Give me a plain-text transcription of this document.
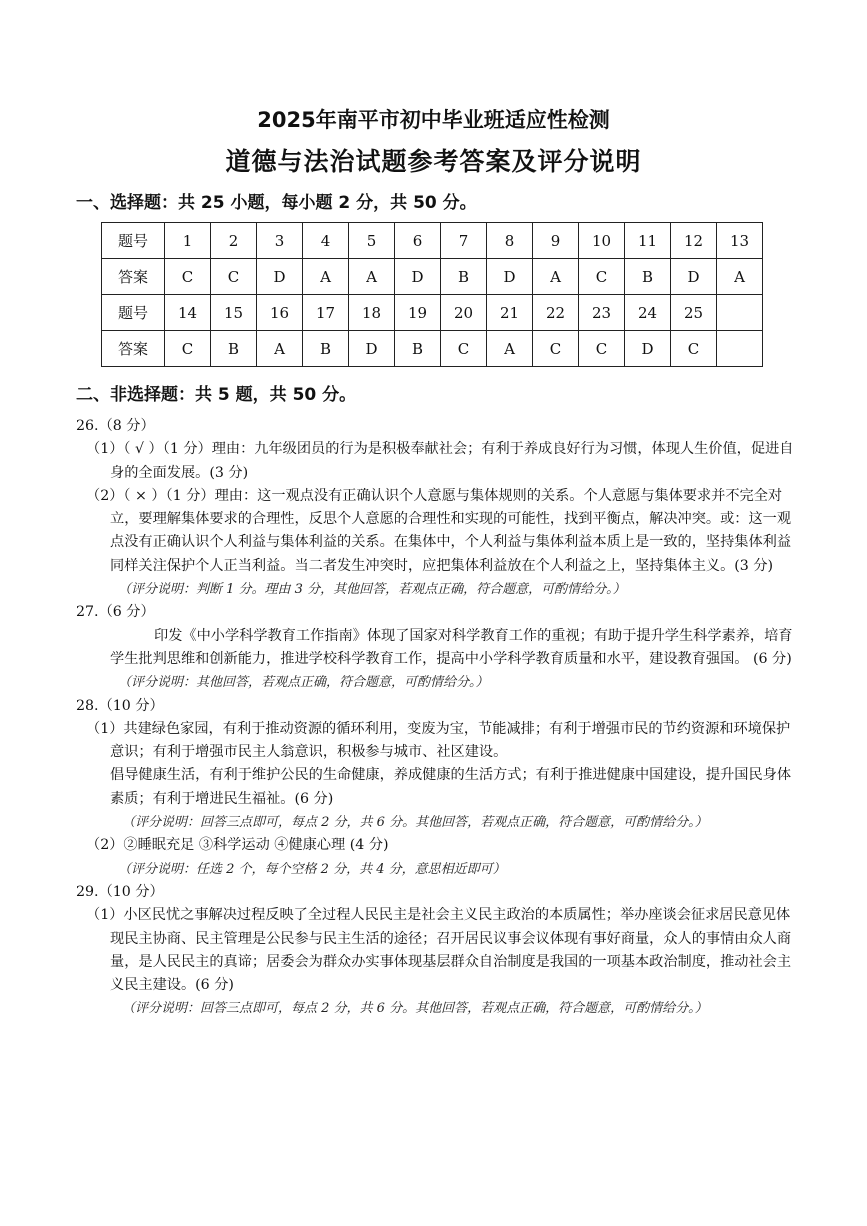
2025年南平市初中毕业班适应性检测
道德与法治试题参考答案及评分说明
一、选择题：共 25 小题，每小题 2 分，共 50 分。
题号	1	2	3	4	5	6	7	8	9	10	11	12	13
答案	C	C	D	A	A	D	B	D	A	C	B	D	A
题号	14	15	16	17	18	19	20	21	22	23	24	25	
答案	C	B	A	B	D	B	C	A	C	C	D	C	
二、非选择题：共 5 题，共 50 分。
26.（8 分）
（1）（ √ ）（1 分）理由：九年级团员的行为是积极奉献社会；有利于养成良好行为习惯，体现人生价值，促进自身的全面发展。(3 分)
（2）（ × ）（1 分）理由：这一观点没有正确认识个人意愿与集体规则的关系。个人意愿与集体要求并不完全对立，要理解集体要求的合理性，反思个人意愿的合理性和实现的可能性，找到平衡点，解决冲突。或：这一观点没有正确认识个人利益与集体利益的关系。在集体中，个人利益与集体利益本质上是一致的，坚持集体利益同样关注保护个人正当利益。当二者发生冲突时，应把集体利益放在个人利益之上，坚持集体主义。(3 分)
（评分说明：判断 1 分。理由 3 分，其他回答，若观点正确，符合题意，可酌情给分。）
27.（6 分）
印发《中小学科学教育工作指南》体现了国家对科学教育工作的重视；有助于提升学生科学素养，培育学生批判思维和创新能力，推进学校科学教育工作，提高中小学科学教育质量和水平，建设教育强国。 (6 分)
（评分说明：其他回答，若观点正确，符合题意，可酌情给分。）
28.（10 分）
（1）共建绿色家园，有利于推动资源的循环利用，变废为宝，节能减排；有利于增强市民的节约资源和环境保护意识；有利于增强市民主人翁意识，积极参与城市、社区建设。
倡导健康生活，有利于维护公民的生命健康，养成健康的生活方式；有利于推进健康中国建设，提升国民身体素质；有利于增进民生福祉。(6 分)
（评分说明：回答三点即可，每点 2 分，共 6 分。其他回答，若观点正确，符合题意，可酌情给分。）
（2）②睡眠充足 ③科学运动 ④健康心理 (4 分)
（评分说明：任选 2 个，每个空格 2 分，共 4 分，意思相近即可）
29.（10 分）
（1）小区民忧之事解决过程反映了全过程人民民主是社会主义民主政治的本质属性；举办座谈会征求居民意见体现民主协商、民主管理是公民参与民主生活的途径；召开居民议事会议体现有事好商量，众人的事情由众人商量，是人民民主的真谛；居委会为群众办实事体现基层群众自治制度是我国的一项基本政治制度，推动社会主义民主建设。(6 分)
（评分说明：回答三点即可，每点 2 分，共 6 分。其他回答，若观点正确，符合题意，可酌情给分。）
